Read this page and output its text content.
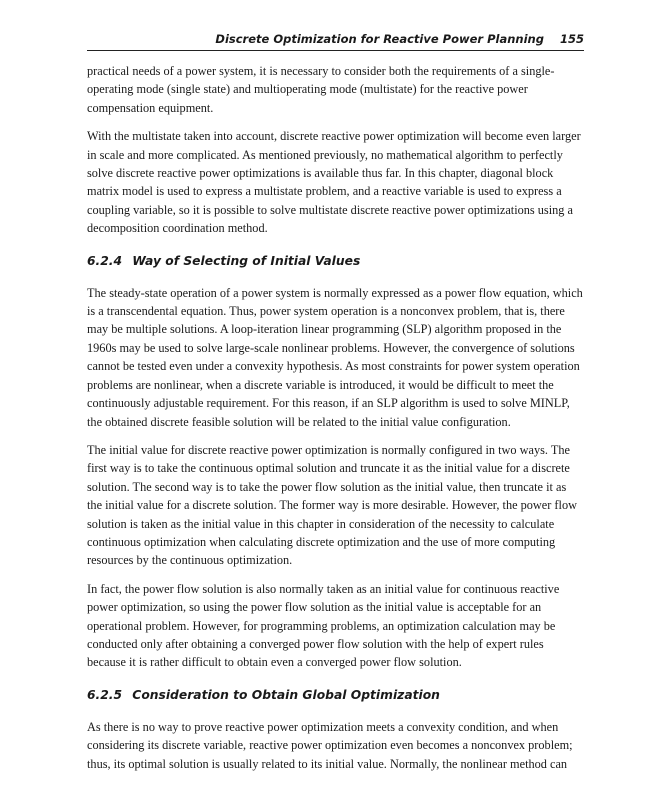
Discrete Optimization for Reactive Power Planning 155

practical needs of a power system, it is necessary to consider both the requirements of a single-operating mode (single state) and multioperating mode (multistate) for the reactive power compensation equipment.

With the multistate taken into account, discrete reactive power optimization will become even larger in scale and more complicated. As mentioned previously, no mathematical algorithm to perfectly solve discrete reactive power optimizations is available thus far. In this chapter, diagonal block matrix model is used to express a multistate problem, and a reactive variable is used to express a coupling variable, so it is possible to solve multistate discrete reactive power optimizations using a decomposition coordination method.

6.2.4 Way of Selecting of Initial Values

The steady-state operation of a power system is normally expressed as a power flow equation, which is a transcendental equation. Thus, power system operation is a nonconvex problem, that is, there may be multiple solutions. A loop-iteration linear programming (SLP) algorithm proposed in the 1960s may be used to solve large-scale nonlinear problems. However, the convergence of solutions cannot be tested even under a convexity hypothesis. As most constraints for power system operation problems are nonlinear, when a discrete variable is introduced, it would be difficult to meet the continuously adjustable requirement. For this reason, if an SLP algorithm is used to solve MINLP, the obtained discrete feasible solution will be related to the initial value configuration.

The initial value for discrete reactive power optimization is normally configured in two ways. The first way is to take the continuous optimal solution and truncate it as the initial value for a discrete solution. The second way is to take the power flow solution as the initial value, then truncate it as the initial value for a discrete solution. The former way is more desirable. However, the power flow solution is taken as the initial value in this chapter in consideration of the necessity to calculate continuous optimization when calculating discrete optimization and the use of more computing resources by the continuous optimization.

In fact, the power flow solution is also normally taken as an initial value for continuous reactive power optimization, so using the power flow solution as the initial value is acceptable for an operational problem. However, for programming problems, an optimization calculation may be conducted only after obtaining a converged power flow solution with the help of expert rules because it is rather difficult to obtain even a converged power flow solution.

6.2.5 Consideration to Obtain Global Optimization

As there is no way to prove reactive power optimization meets a convexity condition, and when considering its discrete variable, reactive power optimization even becomes a nonconvex problem; thus, its optimal solution is usually related to its initial value. Normally, the nonlinear method can
